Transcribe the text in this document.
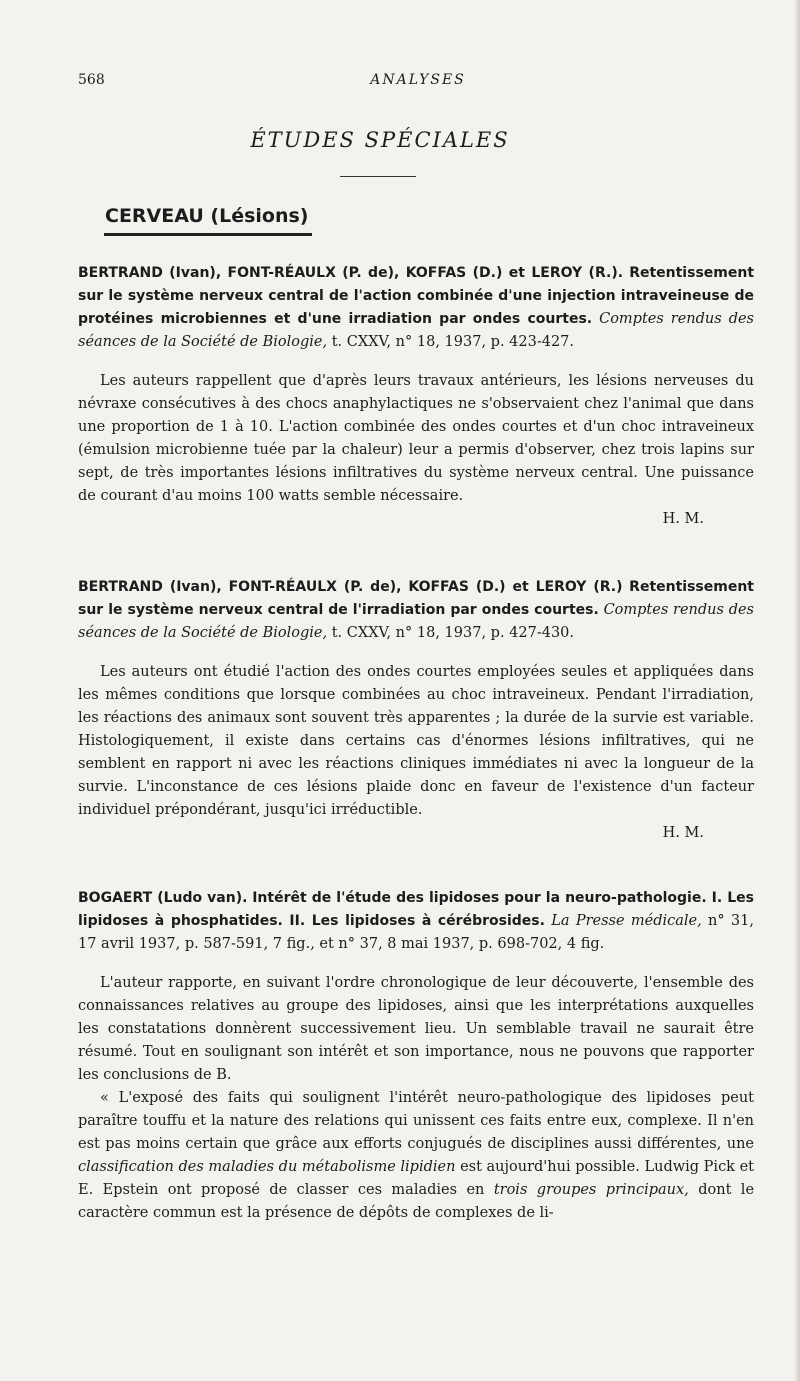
568	ANALYSES
ÉTUDES SPÉCIALES
CERVEAU (Lésions)
BERTRAND (Ivan), FONT-RÉAULX (P. de), KOFFAS (D.) et LEROY (R.). Retentissement sur le système nerveux central de l'action combinée d'une injection intraveineuse de protéines microbiennes et d'une irradiation par ondes courtes. Comptes rendus des séances de la Société de Biologie, t. CXXV, n° 18, 1937, p. 423-427.
Les auteurs rappellent que d'après leurs travaux antérieurs, les lésions nerveuses du névraxe consécutives à des chocs anaphylactiques ne s'observaient chez l'animal que dans une proportion de 1 à 10. L'action combinée des ondes courtes et d'un choc intraveineux (émulsion microbienne tuée par la chaleur) leur a permis d'observer, chez trois lapins sur sept, de très importantes lésions infiltratives du système nerveux central. Une puissance de courant d'au moins 100 watts semble nécessaire.
H. M.
BERTRAND (Ivan), FONT-RÉAULX (P. de), KOFFAS (D.) et LEROY (R.) Retentissement sur le système nerveux central de l'irradiation par ondes courtes. Comptes rendus des séances de la Société de Biologie, t. CXXV, n° 18, 1937, p. 427-430.
Les auteurs ont étudié l'action des ondes courtes employées seules et appliquées dans les mêmes conditions que lorsque combinées au choc intraveineux. Pendant l'irradiation, les réactions des animaux sont souvent très apparentes ; la durée de la survie est variable. Histologiquement, il existe dans certains cas d'énormes lésions infiltratives, qui ne semblent en rapport ni avec les réactions cliniques immédiates ni avec la longueur de la survie. L'inconstance de ces lésions plaide donc en faveur de l'existence d'un facteur individuel prépondérant, jusqu'ici irréductible.
H. M.
BOGAERT (Ludo van). Intérêt de l'étude des lipidoses pour la neuro-pathologie. I. Les lipidoses à phosphatides. II. Les lipidoses à cérébrosides. La Presse médicale, n° 31, 17 avril 1937, p. 587-591, 7 fig., et n° 37, 8 mai 1937, p. 698-702, 4 fig.

L'auteur rapporte, en suivant l'ordre chronologique de leur découverte, l'ensemble des connaissances relatives au groupe des lipidoses, ainsi que les interprétations auxquelles les constatations donnèrent successivement lieu. Un semblable travail ne saurait être résumé. Tout en soulignant son intérêt et son importance, nous ne pouvons que rapporter les conclusions de B.

« L'exposé des faits qui soulignent l'intérêt neuro-pathologique des lipidoses peut paraître touffu et la nature des relations qui unissent ces faits entre eux, complexe. Il n'en est pas moins certain que grâce aux efforts conjugués de disciplines aussi différentes, une classification des maladies du métabolisme lipidien est aujourd'hui possible. Ludwig Pick et E. Epstein ont proposé de classer ces maladies en trois groupes principaux, dont le caractère commun est la présence de dépôts de complexes de li-
